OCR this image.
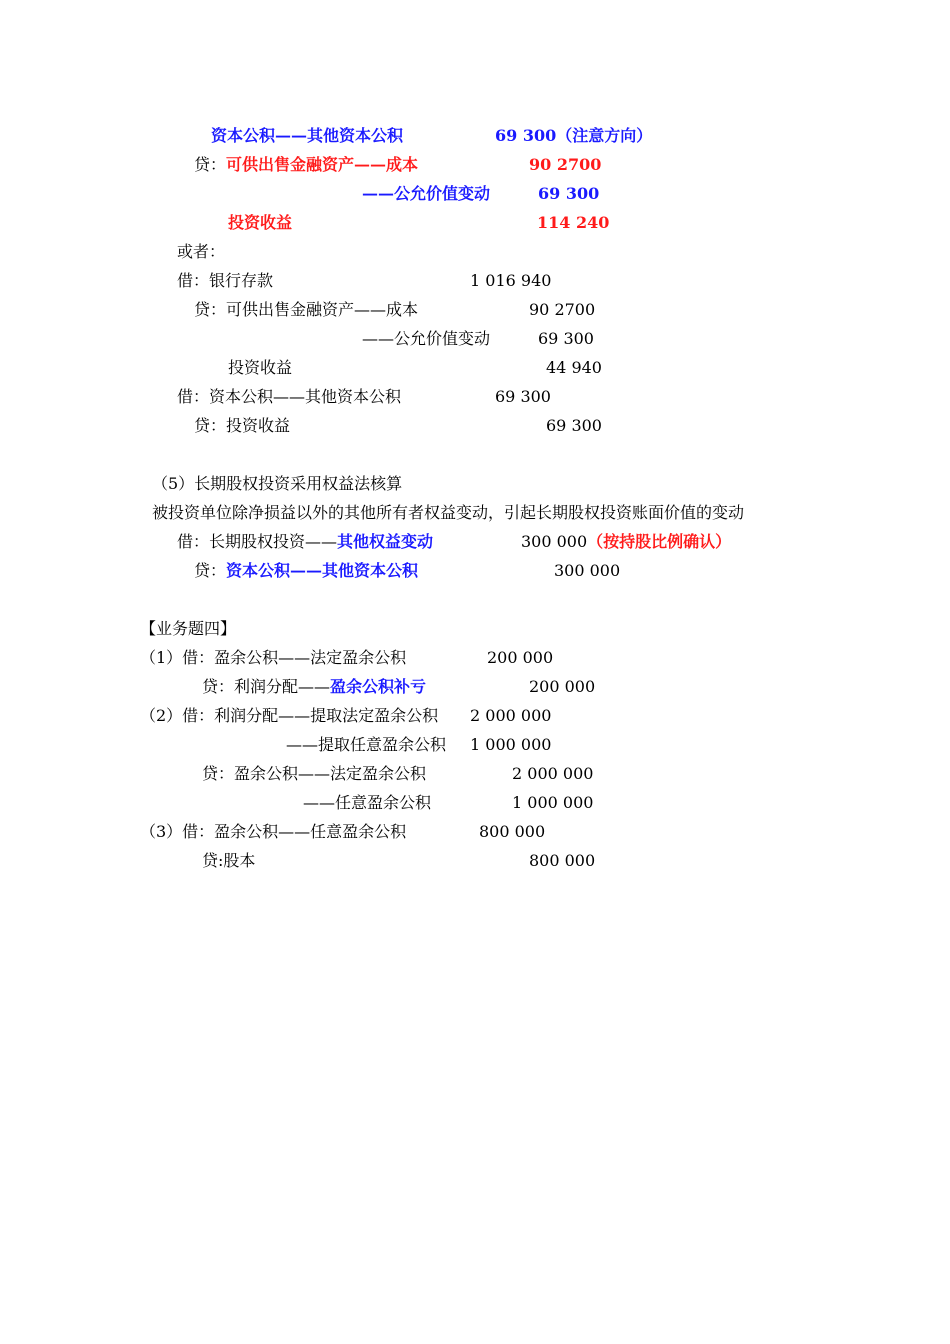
资本公积——其他资本公积	69 300（注意方向）
贷：可供出售金融资产——成本	90 2700
——公允价值变动	69 300
投资收益	114 240
或者：
借：银行存款	1 016 940
贷：可供出售金融资产——成本	90 2700
——公允价值变动	69 300
投资收益	44 940
借：资本公积——其他资本公积	69 300
贷：投资收益	69 300
（5）长期股权投资采用权益法核算
被投资单位除净损益以外的其他所有者权益变动，引起长期股权投资账面价值的变动
借：长期股权投资——其他权益变动	300 000（按持股比例确认）
贷：资本公积——其他资本公积	300 000
【业务题四】
（1）借：盈余公积——法定盈余公积	200 000
贷：利润分配——盈余公积补亏	200 000
（2）借：利润分配——提取法定盈余公积 2 000 000
——提取任意盈余公积 1 000 000
贷：盈余公积——法定盈余公积	2 000 000
——任意盈余公积	1 000 000
（3）借：盈余公积——任意盈余公积	800 000
贷:股本	800 000
